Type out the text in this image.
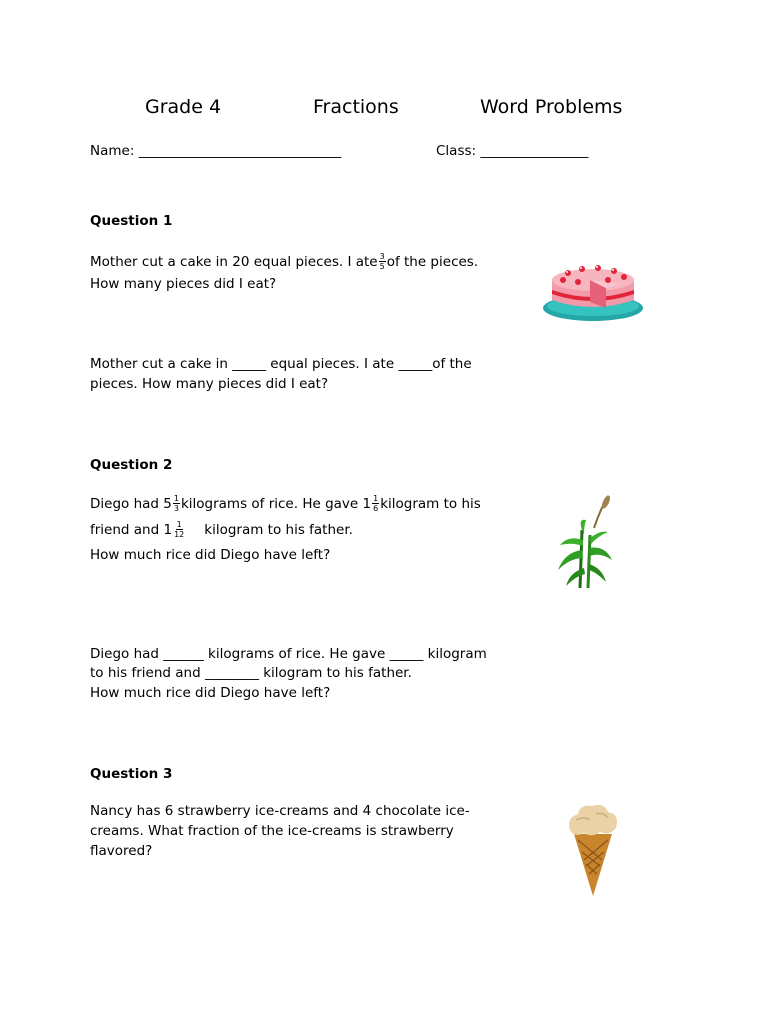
Grade 4	Fractions	Word Problems
Name: ______________________________	Class: ________________
Question 1
Mother cut a cake in 20 equal pieces. I ate $\frac{3}{5}$ of the pieces.
How many pieces did I eat?
Mother cut a cake in _____ equal pieces. I ate _____of the
pieces. How many pieces did I eat?
Question 2
Diego had $5 \frac{1}{3}$ kilograms of rice. He gave $1 \frac{1}{6}$ kilogram to his
friend and $1 \frac{1}{12}$ kilogram to his father.
How much rice did Diego have left?
Diego had ______ kilograms of rice. He gave _____ kilogram
to his friend and ________ kilogram to his father.
How much rice did Diego have left?
Question 3
Nancy has 6 strawberry ice-creams and 4 chocolate ice-
creams. What fraction of the ice-creams is strawberry
flavored?
